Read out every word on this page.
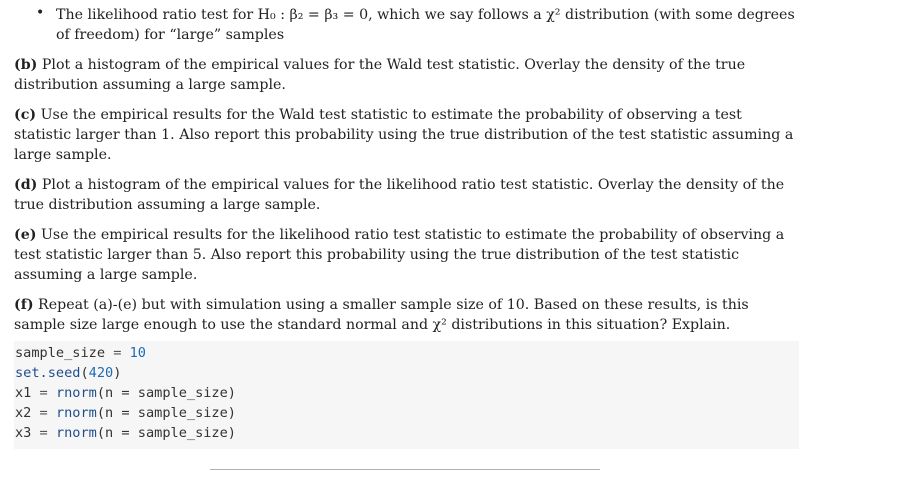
• The likelihood ratio test for H₀ : β₂ = β₃ = 0, which we say follows a χ² distribution (with some degrees

of freedom) for “large” samples

(b) Plot a histogram of the empirical values for the Wald test statistic. Overlay the density of the true distribution assuming a large sample.

(c) Use the empirical results for the Wald test statistic to estimate the probability of observing a test statistic larger than 1. Also report this probability using the true distribution of the test statistic assuming a large sample.

(d) Plot a histogram of the empirical values for the likelihood ratio test statistic. Overlay the density of the true distribution assuming a large sample.

(e) Use the empirical results for the likelihood ratio test statistic to estimate the probability of observing a test statistic larger than 5. Also report this probability using the true distribution of the test statistic assuming a large sample.

(f) Repeat (a)-(e) but with simulation using a smaller sample size of 10. Based on these results, is this sample size large enough to use the standard normal and χ² distributions in this situation? Explain.

sample_size = 10
set.seed(420)
x1 = rnorm(n = sample_size)
x2 = rnorm(n = sample_size)
x3 = rnorm(n = sample_size)
